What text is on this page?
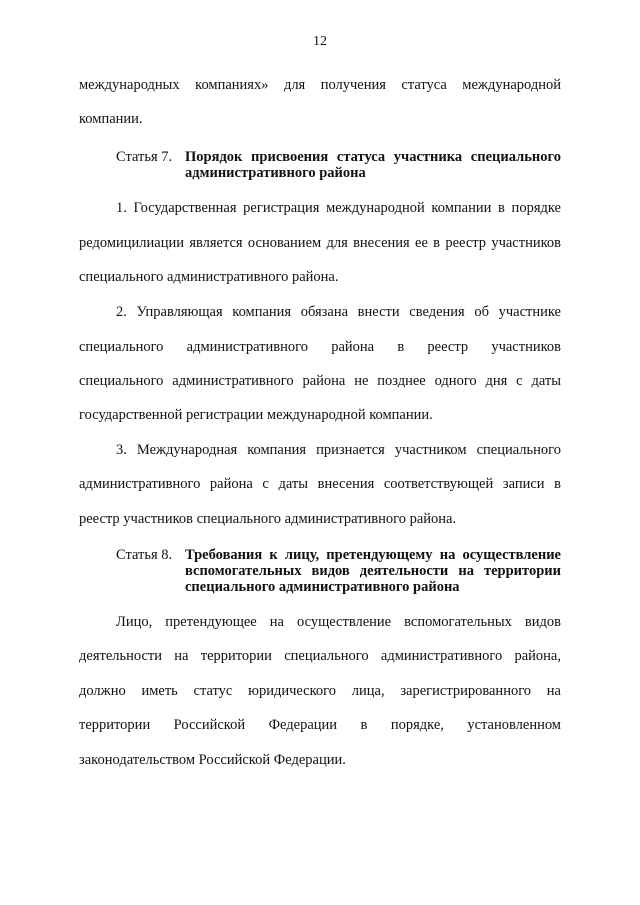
12
международных компаниях» для получения статуса международной
компании.
Статья 7. Порядок присвоения статуса участника специального
административного района
1. Государственная регистрация международной компании в порядке
редомицилиации является основанием для внесения ее в реестр участников
специального административного района.
2. Управляющая компания обязана внести сведения об участнике
специального административного района в реестр участников
специального административного района не позднее одного дня с даты
государственной регистрации международной компании.
3. Международная компания признается участником специального
административного района с даты внесения соответствующей записи в
реестр участников специального административного района.
Статья 8. Требования к лицу, претендующему на осуществление
вспомогательных видов деятельности на территории
специального административного района
Лицо, претендующее на осуществление вспомогательных видов
деятельности на территории специального административного района,
должно иметь статус юридического лица, зарегистрированного на
территории Российской Федерации в порядке, установленном
законодательством Российской Федерации.
